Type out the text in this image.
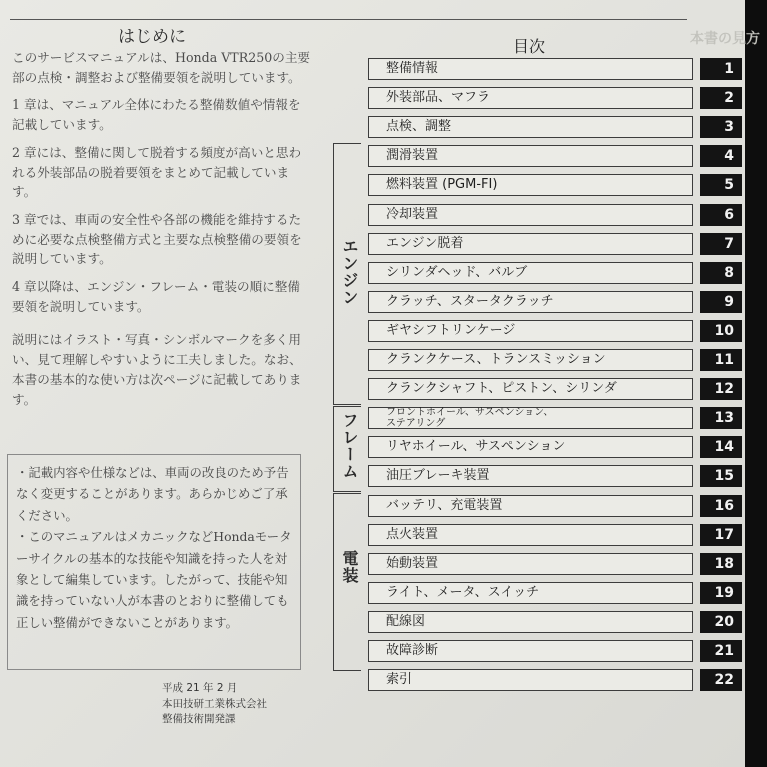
本書の見方
はじめに

このサービスマニュアルは、Honda VTR250の主要部の点検・調整および整備要領を説明しています。

1 章は、マニュアル全体にわたる整備数値や情報を記載しています。

2 章には、整備に関して脱着する頻度が高いと思われる外装部品の脱着要領をまとめて記載しています。

3 章では、車両の安全性や各部の機能を維持するために必要な点検整備方式と主要な点検整備の要領を説明しています。

4 章以降は、エンジン・フレーム・電装の順に整備要領を説明しています。

説明にはイラスト・写真・シンボルマークを多く用い、見て理解しやすいように工夫しました。なお、本書の基本的な使い方は次ページに記載してあります。

・記載内容や仕様などは、車両の改良のため予告なく変更することがあります。あらかじめご了承ください。

・このマニュアルはメカニックなどHondaモーターサイクルの基本的な技能や知識を持った人を対象として編集しています。したがって、技能や知識を持っていない人が本書のとおりに整備しても正しい整備ができないことがあります。

平成 21 年 2 月
本田技研工業株式会社
整備技術開発課
目次
エンジン
フレーム
電装
整備情報	1
外装部品、マフラ	2
点検、調整	3
潤滑装置	4
燃料装置 (PGM-FI)	5
冷却装置	6
エンジン脱着	7
シリンダヘッド、バルブ	8
クラッチ、スタータクラッチ	9
ギヤシフトリンケージ	10
クランクケース、トランスミッション	11
クランクシャフト、ピストン、シリンダ	12
フロントホイール、サスペンション、
ステアリング	13
リヤホイール、サスペンション	14
油圧ブレーキ装置	15
バッテリ、充電装置	16
点火装置	17
始動装置	18
ライト、メータ、スイッチ	19
配線図	20
故障診断	21
索引	22
